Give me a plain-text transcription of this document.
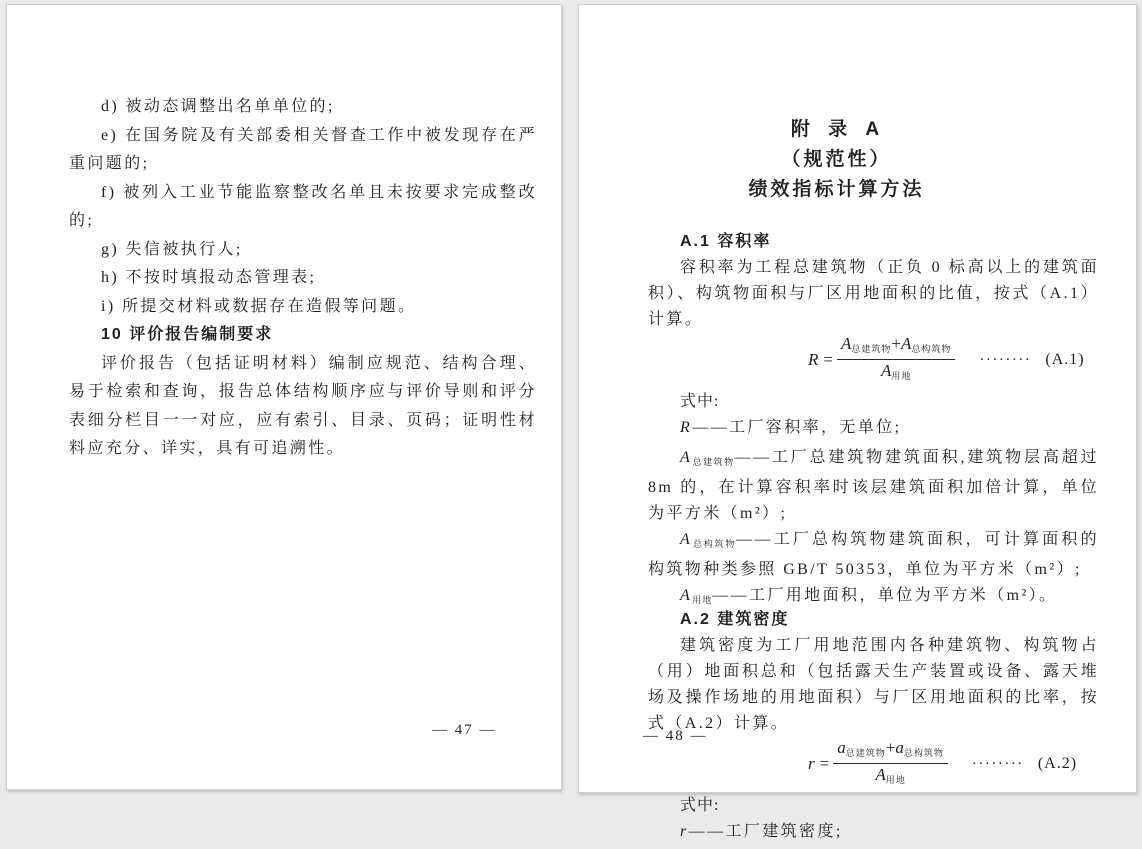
d) 被动态调整出名单单位的;

e) 在国务院及有关部委相关督查工作中被发现存在严重问题的;

f) 被列入工业节能监察整改名单且未按要求完成整改的;

g) 失信被执行人;

h) 不按时填报动态管理表;

i) 所提交材料或数据存在造假等问题。

10 评价报告编制要求

评价报告（包括证明材料）编制应规范、结构合理、易于检索和查询，报告总体结构顺序应与评价导则和评分表细分栏目一一对应，应有索引、目录、页码；证明性材料应充分、详实，具有可追溯性。

— 47 —

附 录 A

（规范性）

绩效指标计算方法

A.1 容积率

容积率为工程总建筑物（正负 0 标高以上的建筑面积）、构筑物面积与厂区用地面积的比值，按式（A.1）计算。

$R = \frac{A_{总建筑物}+A_{总构筑物}}{A_{用地}}$ ········ (A.1)

式中:

R——工厂容积率，无单位;

$A_{总建筑物}——$工厂总建筑物建筑面积,建筑物层高超过 8m 的，在计算容积率时该层建筑面积加倍计算，单位为平方米（m²）;

$A_{总构筑物}——$工厂总构筑物建筑面积，可计算面积的构筑物种类参照 GB/T 50353，单位为平方米（m²）;

$A_{用地}——$工厂用地面积，单位为平方米（m²）。

A.2 建筑密度

建筑密度为工厂用地范围内各种建筑物、构筑物占（用）地面积总和（包括露天生产装置或设备、露天堆场及操作场地的用地面积）与厂区用地面积的比率，按式（A.2）计算。

$r = \frac{a_{总建筑物}+a_{总构筑物}}{A_{用地}}$ ········ (A.2)

式中:

r——工厂建筑密度;

— 48 —
